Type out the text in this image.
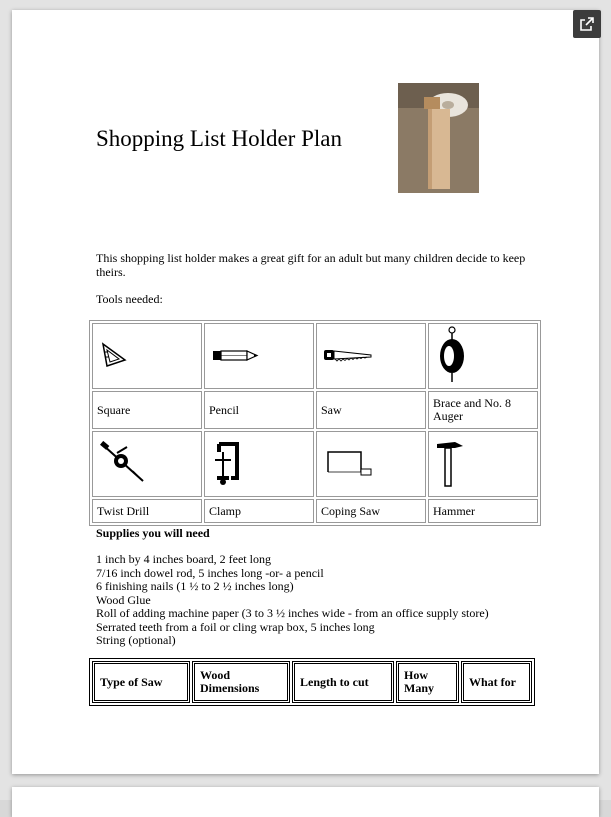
Shopping List Holder Plan
This shopping list holder makes a great gift for an adult but many children decide to keep
theirs.
Tools needed:

Square	Pencil	Saw	Brace and No. 8 Auger

Twist Drill	Clamp	Coping Saw	Hammer
Supplies you will need
1 inch by 4 inches board, 2 feet long
7/16 inch dowel rod, 5 inches long -or- a pencil
6 finishing nails (1 ½ to 2 ½ inches long)
Wood Glue
Roll of adding machine paper (3 to 3 ½ inches wide - from an office supply store)
Serrated teeth from a foil or cling wrap box, 5 inches long
String (optional)
Type of Saw	Wood Dimensions	Length to cut	How Many	What for
